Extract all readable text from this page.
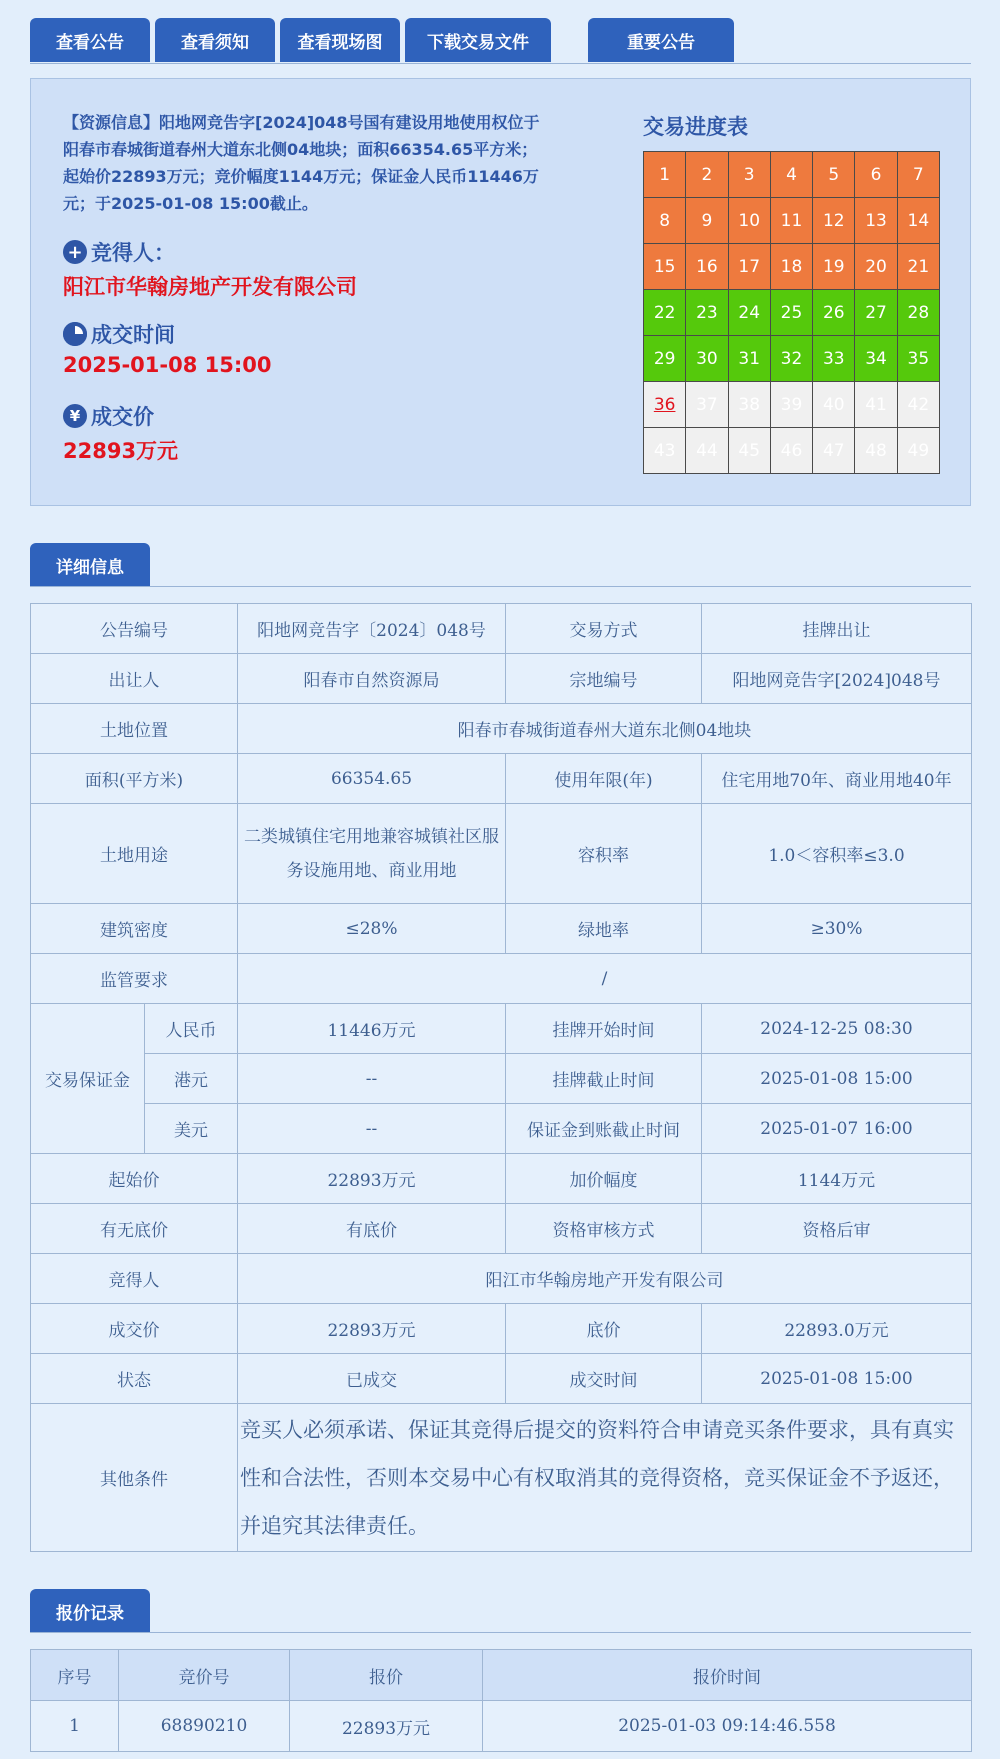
查看公告	查看须知	查看现场图	下载交易文件	重要公告
【资源信息】阳地网竞告字[2024]048号国有建设用地使用权位于阳春市春城街道春州大道东北侧04地块；面积66354.65平方米；起始价22893万元；竞价幅度1144万元；保证金人民币11446万元；于2025-01-08 15:00截止。
+ 竞得人：
阳江市华翰房地产开发有限公司
成交时间
2025-01-08 15:00
¥ 成交价
22893万元
交易进度表
1	2	3	4	5	6	7
8	9	10	11	12	13	14
15	16	17	18	19	20	21
22	23	24	25	26	27	28
29	30	31	32	33	34	35
36	37	38	39	40	41	42
43	44	45	46	47	48	49
详细信息
公告编号		阳地网竞告字〔2024〕048号	交易方式	挂牌出让
出让人		阳春市自然资源局	宗地编号	阳地网竞告字[2024]048号
土地位置		阳春市春城街道春州大道东北侧04地块		
面积(平方米)		66354.65	使用年限(年)	住宅用地70年、商业用地40年
土地用途		二类城镇住宅用地兼容城镇社区服务设施用地、商业用地	容积率	1.0＜容积率≤3.0
建筑密度		≤28%	绿地率	≥30%
监管要求		/		
交易保证金	人民币	11446万元	挂牌开始时间	2024-12-25 08:30
	港元	--	挂牌截止时间	2025-01-08 15:00
	美元	--	保证金到账截止时间	2025-01-07 16:00
起始价		22893万元	加价幅度	1144万元
有无底价		有底价	资格审核方式	资格后审
竞得人		阳江市华翰房地产开发有限公司		
成交价		22893万元	底价	22893.0万元
状态		已成交	成交时间	2025-01-08 15:00
其他条件		竞买人必须承诺、保证其竞得后提交的资料符合申请竞买条件要求，具有真实性和合法性，否则本交易中心有权取消其的竞得资格，竞买保证金不予返还，并追究其法律责任。		
报价记录
序号	竞价号	报价	报价时间
1	68890210	22893万元	2025-01-03 09:14:46.558
